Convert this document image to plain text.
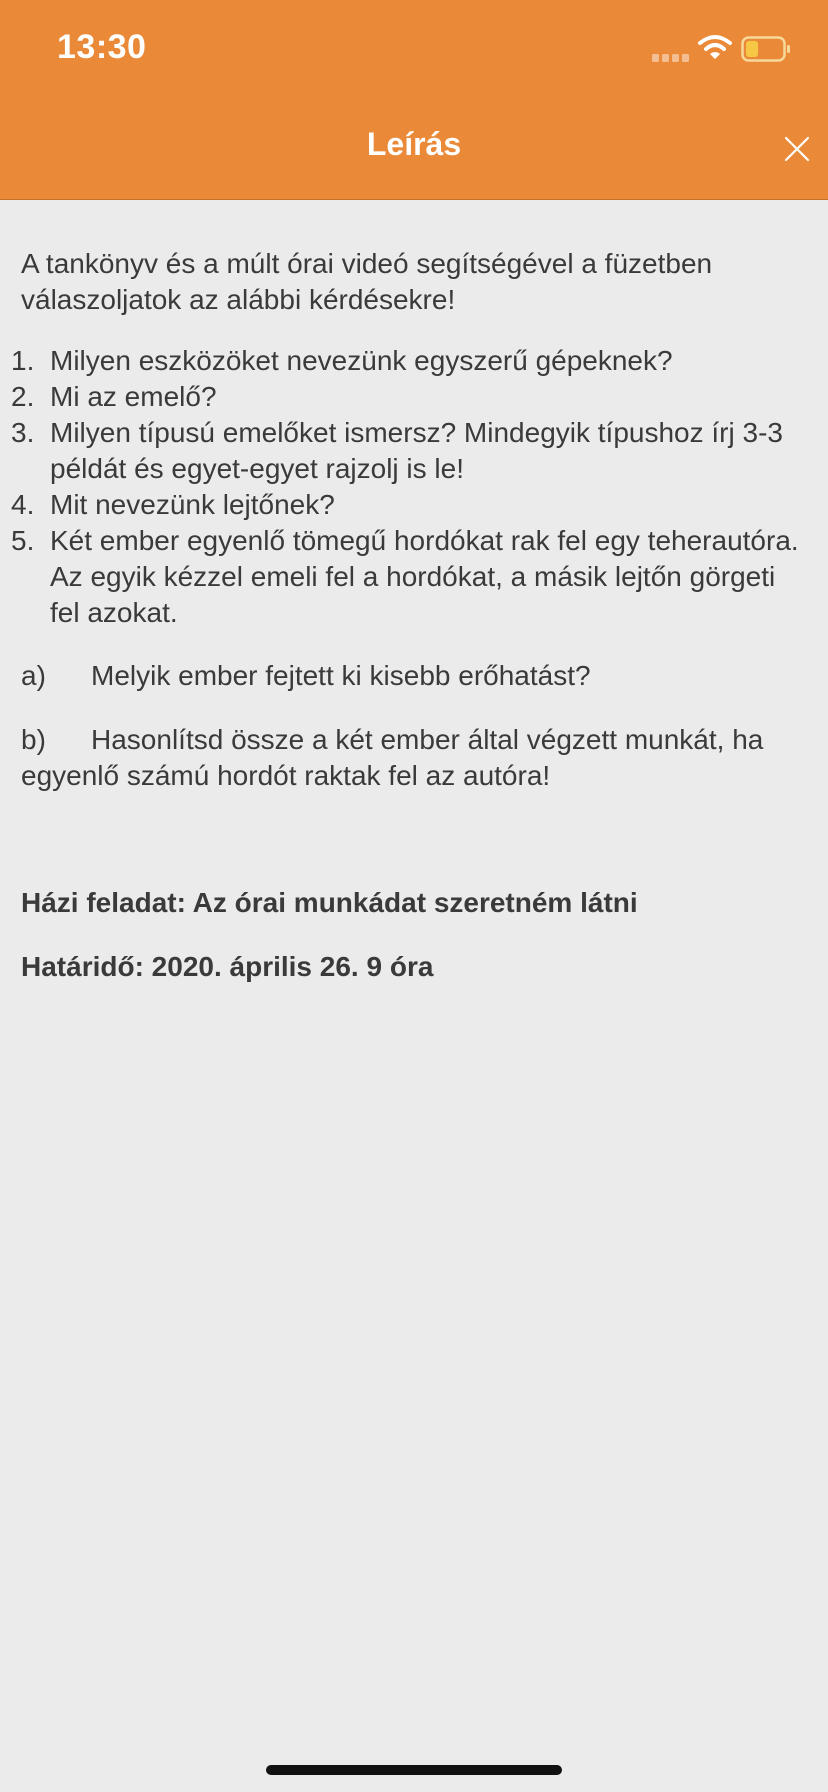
13:30
Leírás

A tankönyv és a múlt órai videó segítségével a füzetben válaszoljatok az alábbi kérdésekre!

1. Milyen eszközöket nevezünk egyszerű gépeknek?
2. Mi az emelő?
3. Milyen típusú emelőket ismersz? Mindegyik típushoz írj 3-3 példát és egyet-egyet rajzolj is le!
4. Mit nevezünk lejtőnek?
5. Két ember egyenlő tömegű hordókat rak fel egy teherautóra. Az egyik kézzel emeli fel a hordókat, a másik lejtőn görgeti fel azokat.

a) Melyik ember fejtett ki kisebb erőhatást?

b) Hasonlítsd össze a két ember által végzett munkát, ha egyenlő számú hordót raktak fel az autóra!

Házi feladat: Az órai munkádat szeretném látni

Határidő: 2020. április 26. 9 óra
